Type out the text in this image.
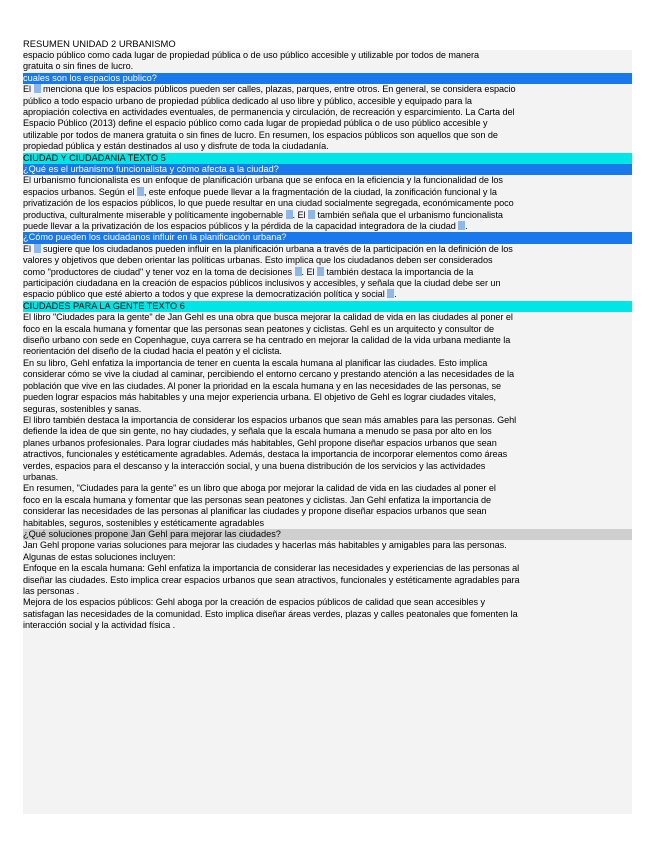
RESUMEN UNIDAD 2 URBANISMO

espacio público como cada lugar de propiedad pública o de uso público accesible y utilizable por todos de manera
gratuita o sin fines de lucro.

cuales son los espacios publico?

El  menciona que los espacios públicos pueden ser calles, plazas, parques, entre otros. En general, se considera espacio
público a todo espacio urbano de propiedad pública dedicado al uso libre y público, accesible y equipado para la
apropiación colectiva en actividades eventuales, de permanencia y circulación, de recreación y esparcimiento. La Carta del
Espacio Público (2013) define el espacio público como cada lugar de propiedad pública o de uso público accesible y
utilizable por todos de manera gratuita o sin fines de lucro. En resumen, los espacios públicos son aquellos que son de
propiedad pública y están destinados al uso y disfrute de toda la ciudadanía.

CIUDAD Y CIUDADANIA TEXTO 5
¿Qué es el urbanismo funcionalista y cómo afecta a la ciudad?

El urbanismo funcionalista es un enfoque de planificación urbana que se enfoca en la eficiencia y la funcionalidad de los
espacios urbanos. Según el , este enfoque puede llevar a la fragmentación de la ciudad, la zonificación funcional y la
privatización de los espacios públicos, lo que puede resultar en una ciudad socialmente segregada, económicamente poco
productiva, culturalmente miserable y políticamente ingobernable . El  también señala que el urbanismo funcionalista
puede llevar a la privatización de los espacios públicos y la pérdida de la capacidad integradora de la ciudad .

¿Cómo pueden los ciudadanos influir en la planificación urbana?

El  sugiere que los ciudadanos pueden influir en la planificación urbana a través de la participación en la definición de los
valores y objetivos que deben orientar las políticas urbanas. Esto implica que los ciudadanos deben ser considerados
como "productores de ciudad" y tener voz en la toma de decisiones . El  también destaca la importancia de la
participación ciudadana en la creación de espacios públicos inclusivos y accesibles, y señala que la ciudad debe ser un
espacio público que esté abierto a todos y que exprese la democratización política y social .

CIUDADES PARA LA GENTE TEXTO 6

El libro "Ciudades para la gente" de Jan Gehl es una obra que busca mejorar la calidad de vida en las ciudades al poner el
foco en la escala humana y fomentar que las personas sean peatones y ciclistas. Gehl es un arquitecto y consultor de
diseño urbano con sede en Copenhague, cuya carrera se ha centrado en mejorar la calidad de la vida urbana mediante la
reorientación del diseño de la ciudad hacia el peatón y el ciclista.

En su libro, Gehl enfatiza la importancia de tener en cuenta la escala humana al planificar las ciudades. Esto implica
considerar cómo se vive la ciudad al caminar, percibiendo el entorno cercano y prestando atención a las necesidades de la
población que vive en las ciudades. Al poner la prioridad en la escala humana y en las necesidades de las personas, se
pueden lograr espacios más habitables y una mejor experiencia urbana. El objetivo de Gehl es lograr ciudades vitales,
seguras, sostenibles y sanas.

El libro también destaca la importancia de considerar los espacios urbanos que sean más amables para las personas. Gehl
defiende la idea de que sin gente, no hay ciudades, y señala que la escala humana a menudo se pasa por alto en los
planes urbanos profesionales. Para lograr ciudades más habitables, Gehl propone diseñar espacios urbanos que sean
atractivos, funcionales y estéticamente agradables. Además, destaca la importancia de incorporar elementos como áreas
verdes, espacios para el descanso y la interacción social, y una buena distribución de los servicios y las actividades
urbanas.

En resumen, "Ciudades para la gente" es un libro que aboga por mejorar la calidad de vida en las ciudades al poner el
foco en la escala humana y fomentar que las personas sean peatones y ciclistas. Jan Gehl enfatiza la importancia de
considerar las necesidades de las personas al planificar las ciudades y propone diseñar espacios urbanos que sean
habitables, seguros, sostenibles y estéticamente agradables

¿Qué soluciones propone Jan Gehl para mejorar las ciudades?

Jan Gehl propone varias soluciones para mejorar las ciudades y hacerlas más habitables y amigables para las personas.
Algunas de estas soluciones incluyen:

Enfoque en la escala humana: Gehl enfatiza la importancia de considerar las necesidades y experiencias de las personas al
diseñar las ciudades. Esto implica crear espacios urbanos que sean atractivos, funcionales y estéticamente agradables para
las personas .

Mejora de los espacios públicos: Gehl aboga por la creación de espacios públicos de calidad que sean accesibles y
satisfagan las necesidades de la comunidad. Esto implica diseñar áreas verdes, plazas y calles peatonales que fomenten la
interacción social y la actividad física .
